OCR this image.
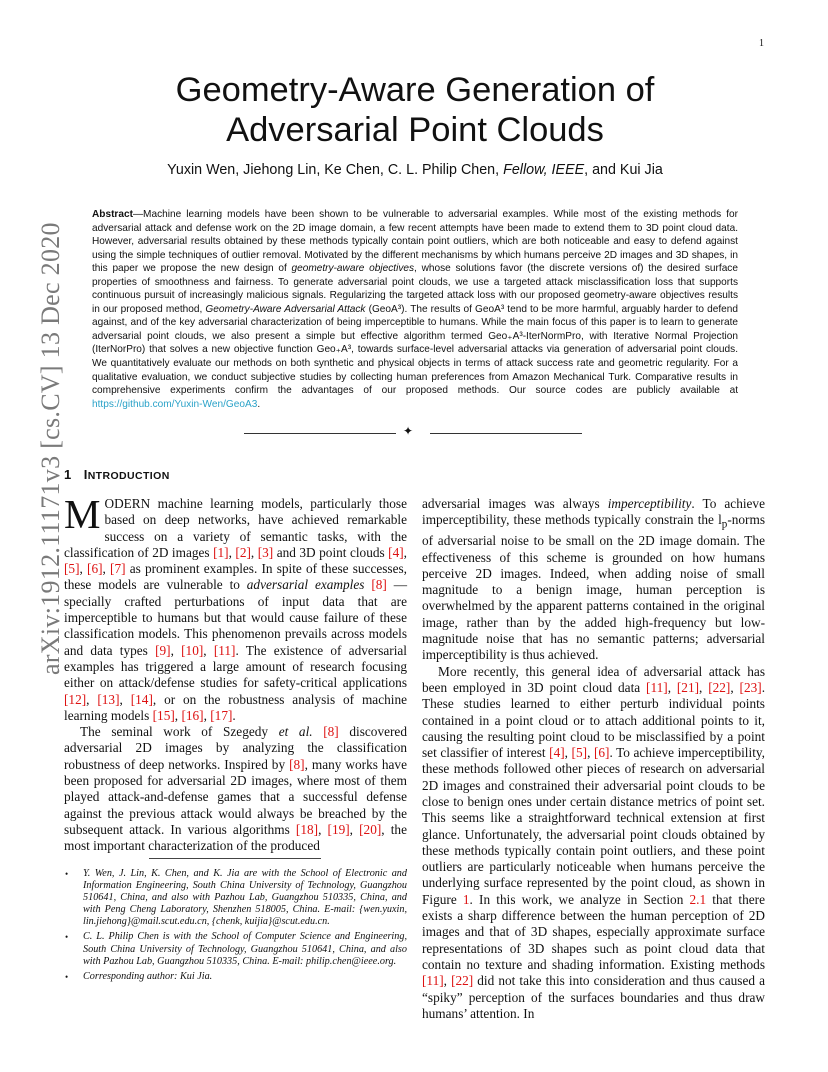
1
arXiv:1912.11171v3 [cs.CV] 13 Dec 2020
Geometry-Aware Generation of Adversarial Point Clouds
Yuxin Wen, Jiehong Lin, Ke Chen, C. L. Philip Chen, Fellow, IEEE, and Kui Jia
Abstract—Machine learning models have been shown to be vulnerable to adversarial examples. While most of the existing methods for adversarial attack and defense work on the 2D image domain, a few recent attempts have been made to extend them to 3D point cloud data. However, adversarial results obtained by these methods typically contain point outliers, which are both noticeable and easy to defend against using the simple techniques of outlier removal. Motivated by the different mechanisms by which humans perceive 2D images and 3D shapes, in this paper we propose the new design of geometry-aware objectives, whose solutions favor (the discrete versions of) the desired surface properties of smoothness and fairness. To generate adversarial point clouds, we use a targeted attack misclassification loss that supports continuous pursuit of increasingly malicious signals. Regularizing the targeted attack loss with our proposed geometry-aware objectives results in our proposed method, Geometry-Aware Adversarial Attack (GeoA³). The results of GeoA³ tend to be more harmful, arguably harder to defend against, and of the key adversarial characterization of being imperceptible to humans. While the main focus of this paper is to learn to generate adversarial point clouds, we also present a simple but effective algorithm termed Geo₊A³-IterNormPro, with Iterative Normal Projection (IterNorPro) that solves a new objective function Geo₊A³, towards surface-level adversarial attacks via generation of adversarial point clouds. We quantitatively evaluate our methods on both synthetic and physical objects in terms of attack success rate and geometric regularity. For a qualitative evaluation, we conduct subjective studies by collecting human preferences from Amazon Mechanical Turk. Comparative results in comprehensive experiments confirm the advantages of our proposed methods. Our source codes are publicly available at https://github.com/Yuxin-Wen/GeoA3.
✦
1 INTRODUCTION

MODERN machine learning models, particularly those based on deep networks, have achieved remarkable success on a variety of semantic tasks, with the classification of 2D images [1], [2], [3] and 3D point clouds [4], [5], [6], [7] as prominent examples. In spite of these successes, these models are vulnerable to adversarial examples [8] — specially crafted perturbations of input data that are imperceptible to humans but that would cause failure of these classification models. This phenomenon prevails across models and data types [9], [10], [11]. The existence of adversarial examples has triggered a large amount of research focusing either on attack/defense studies for safety-critical applications [12], [13], [14], or on the robustness analysis of machine learning models [15], [16], [17].

The seminal work of Szegedy et al. [8] discovered adversarial 2D images by analyzing the classification robustness of deep networks. Inspired by [8], many works have been proposed for adversarial 2D images, where most of them played attack-and-defense games that a successful defense against the previous attack would always be breached by the subsequent attack. In various algorithms [18], [19], [20], the most important characterization of the produced

adversarial images was always imperceptibility. To achieve imperceptibility, these methods typically constrain the $l_p$-norms of adversarial noise to be small on the 2D image domain. The effectiveness of this scheme is grounded on how humans perceive 2D images. Indeed, when adding noise of small magnitude to a benign image, human perception is overwhelmed by the apparent patterns contained in the original image, rather than by the added high-frequency but low-magnitude noise that has no semantic patterns; adversarial imperceptibility is thus achieved.

More recently, this general idea of adversarial attack has been employed in 3D point cloud data [11], [21], [22], [23]. These studies learned to either perturb individual points contained in a point cloud or to attach additional points to it, causing the resulting point cloud to be misclassified by a point set classifier of interest [4], [5], [6]. To achieve imperceptibility, these methods followed other pieces of research on adversarial 2D images and constrained their adversarial point clouds to be close to benign ones under certain distance metrics of point set. This seems like a straightforward technical extension at first glance. Unfortunately, the adversarial point clouds obtained by these methods typically contain point outliers, and these point outliers are particularly noticeable when humans perceive the underlying surface represented by the point cloud, as shown in Figure 1. In this work, we analyze in Section 2.1 that there exists a sharp difference between the human perception of 2D images and that of 3D shapes, especially approximate surface representations of 3D shapes such as point cloud data that contain no texture and shading information. Existing methods [11], [22] did not take this into consideration and thus caused a “spiky” perception of the surfaces boundaries and thus draw humans’ attention. In

• Y. Wen, J. Lin, K. Chen, and K. Jia are with the School of Electronic and Information Engineering, South China University of Technology, Guangzhou 510641, China, and also with Pazhou Lab, Guangzhou 510335, China, and with Peng Cheng Laboratory, Shenzhen 518005, China. E-mail: {wen.yuxin, lin.jiehong}@mail.scut.edu.cn, {chenk, kuijia}@scut.edu.cn.
• C. L. Philip Chen is with the School of Computer Science and Engineering, South China University of Technology, Guangzhou 510641, China, and also with Pazhou Lab, Guangzhou 510335, China. E-mail: philip.chen@ieee.org.
• Corresponding author: Kui Jia.
